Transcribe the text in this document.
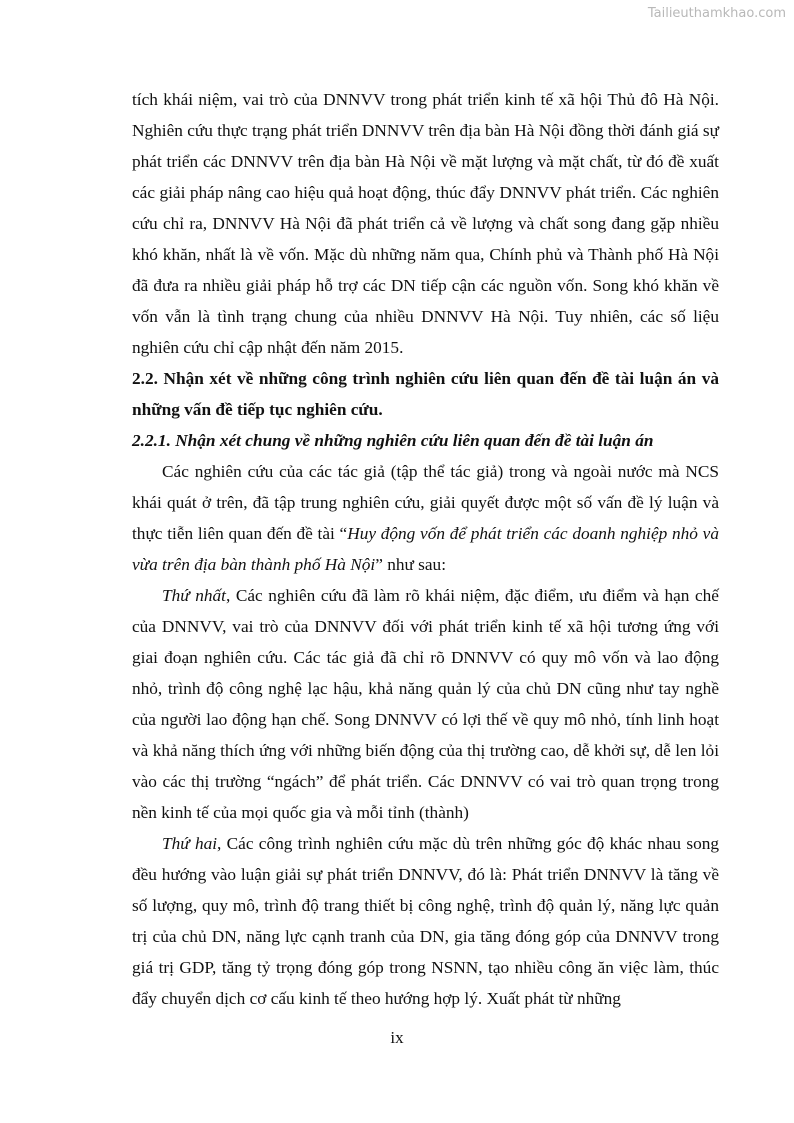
Tailieuthamkhao.com

tích khái niệm, vai trò của DNNVV trong phát triển kinh tế xã hội Thủ đô Hà Nội. Nghiên cứu thực trạng phát triển DNNVV trên địa bàn Hà Nội đồng thời đánh giá sự phát triển các DNNVV trên địa bàn Hà Nội về mặt lượng và mặt chất, từ đó đề xuất các giải pháp nâng cao hiệu quả hoạt động, thúc đẩy DNNVV phát triển. Các nghiên cứu chỉ ra, DNNVV Hà Nội đã phát triển cả về lượng và chất song đang gặp nhiều khó khăn, nhất là về vốn. Mặc dù những năm qua, Chính phủ và Thành phố Hà Nội đã đưa ra nhiều giải pháp hỗ trợ các DN tiếp cận các nguồn vốn. Song khó khăn về vốn vẫn là tình trạng chung của nhiều DNNVV Hà Nội. Tuy nhiên, các số liệu nghiên cứu chỉ cập nhật đến năm 2015.

2.2. Nhận xét về những công trình nghiên cứu liên quan đến đề tài luận án và những vấn đề tiếp tục nghiên cứu.

2.2.1. Nhận xét chung về những nghiên cứu liên quan đến đề tài luận án

Các nghiên cứu của các tác giả (tập thể tác giả) trong và ngoài nước mà NCS khái quát ở trên, đã tập trung nghiên cứu, giải quyết được một số vấn đề lý luận và thực tiễn liên quan đến đề tài “Huy động vốn để phát triển các doanh nghiệp nhỏ và vừa trên địa bàn thành phố Hà Nội” như sau:

Thứ nhất, Các nghiên cứu đã làm rõ khái niệm, đặc điểm, ưu điểm và hạn chế của DNNVV, vai trò của DNNVV đối với phát triển kinh tế xã hội tương ứng với giai đoạn nghiên cứu. Các tác giả đã chỉ rõ DNNVV có quy mô vốn và lao động nhỏ, trình độ công nghệ lạc hậu, khả năng quản lý của chủ DN cũng như tay nghề của người lao động hạn chế. Song DNNVV có lợi thế về quy mô nhỏ, tính linh hoạt và khả năng thích ứng với những biến động của thị trường cao, dễ khởi sự, dễ len lỏi vào các thị trường “ngách” để phát triển. Các DNNVV có vai trò quan trọng trong nền kinh tế của mọi quốc gia và mỗi tỉnh (thành)

Thứ hai, Các công trình nghiên cứu mặc dù trên những góc độ khác nhau song đều hướng vào luận giải sự phát triển DNNVV, đó là: Phát triển DNNVV là tăng về số lượng, quy mô, trình độ trang thiết bị công nghệ, trình độ quản lý, năng lực quản trị của chủ DN, năng lực cạnh tranh của DN, gia tăng đóng góp của DNNVV trong giá trị GDP, tăng tỷ trọng đóng góp trong NSNN, tạo nhiều công ăn việc làm, thúc đẩy chuyển dịch cơ cấu kinh tế theo hướng hợp lý. Xuất phát từ những

ix
